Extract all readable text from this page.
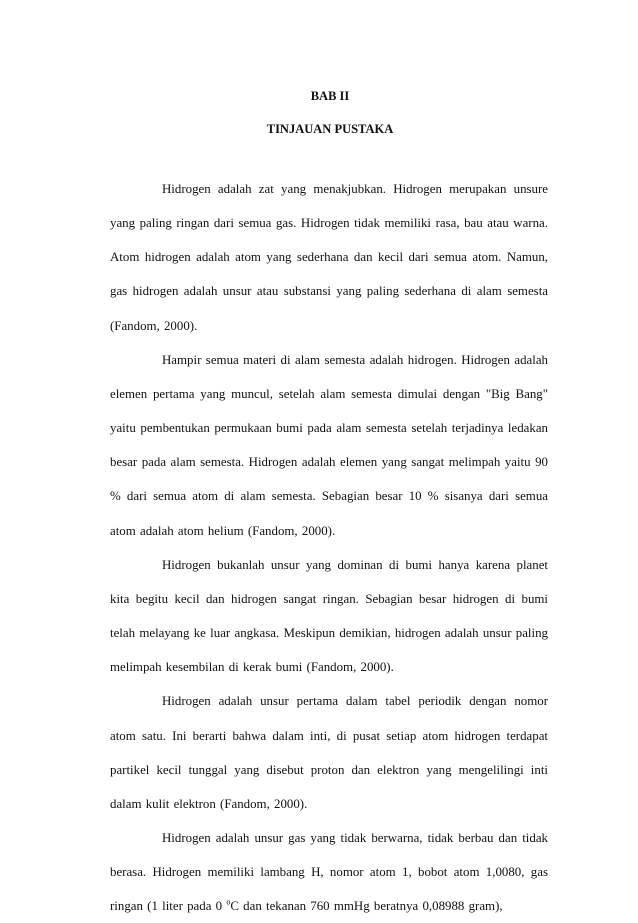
BAB II
TINJAUAN PUSTAKA

Hidrogen adalah zat yang menakjubkan. Hidrogen merupakan unsure yang paling ringan dari semua gas. Hidrogen tidak memiliki rasa, bau atau warna. Atom hidrogen adalah atom yang sederhana dan kecil dari semua atom. Namun, gas hidrogen adalah unsur atau substansi yang paling sederhana di alam semesta (Fandom, 2000).

Hampir semua materi di alam semesta adalah hidrogen. Hidrogen adalah elemen pertama yang muncul, setelah alam semesta dimulai dengan "Big Bang" yaitu pembentukan permukaan bumi pada alam semesta setelah terjadinya ledakan besar pada alam semesta. Hidrogen adalah elemen yang sangat melimpah yaitu 90 % dari semua atom di alam semesta. Sebagian besar 10 % sisanya dari semua atom adalah atom helium (Fandom, 2000).

Hidrogen bukanlah unsur yang dominan di bumi hanya karena planet kita begitu kecil dan hidrogen sangat ringan. Sebagian besar hidrogen di bumi telah melayang ke luar angkasa. Meskipun demikian, hidrogen adalah unsur paling melimpah kesembilan di kerak bumi (Fandom, 2000).

Hidrogen adalah unsur pertama dalam tabel periodik dengan nomor atom satu. Ini berarti bahwa dalam inti, di pusat setiap atom hidrogen terdapat partikel kecil tunggal yang disebut proton dan elektron yang mengelilingi inti dalam kulit elektron (Fandom, 2000).

Hidrogen adalah unsur gas yang tidak berwarna, tidak berbau dan tidak berasa. Hidrogen memiliki lambang H, nomor atom 1, bobot atom 1,0080, gas ringan (1 liter pada 0 $^o$C dan tekanan 760 mmHg beratnya 0,08988 gram),
